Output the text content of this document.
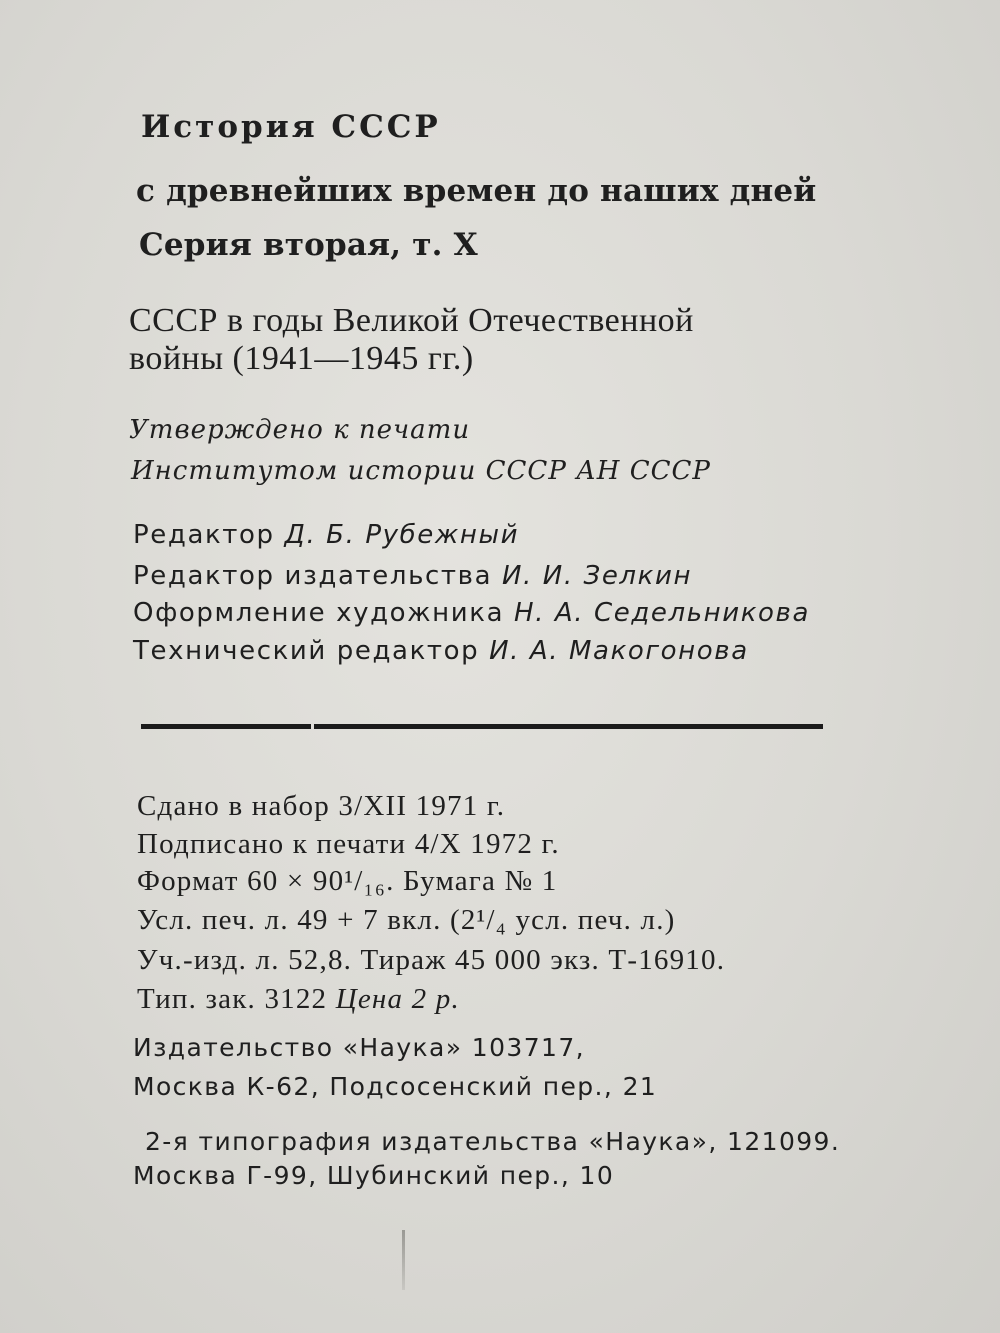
История СССР
с древнейших времен до наших дней
Серия вторая, т. X
СССР в годы Великой Отечественной
войны (1941—1945 гг.)
Утверждено к печати
Институтом истории СССР АН СССР
Редактор Д. Б. Рубежный
Редактор издательства И. И. Зелкин
Оформление художника Н. А. Седельникова
Технический редактор И. А. Макогонова
Сдано в набор 3/XII 1971 г.
Подписано к печати 4/X 1972 г.
Формат 60 × 90¹/₁₆. Бумага № 1
Усл. печ. л. 49 + 7 вкл. (2¹/₄ усл. печ. л.)
Уч.-изд. л. 52,8. Тираж 45 000 экз. Т-16910.
Тип. зак. 3122 Цена 2 р.
Издательство «Наука» 103717,
Москва К-62, Подсосенский пер., 21
2-я типография издательства «Наука», 121099.
Москва Г-99, Шубинский пер., 10
